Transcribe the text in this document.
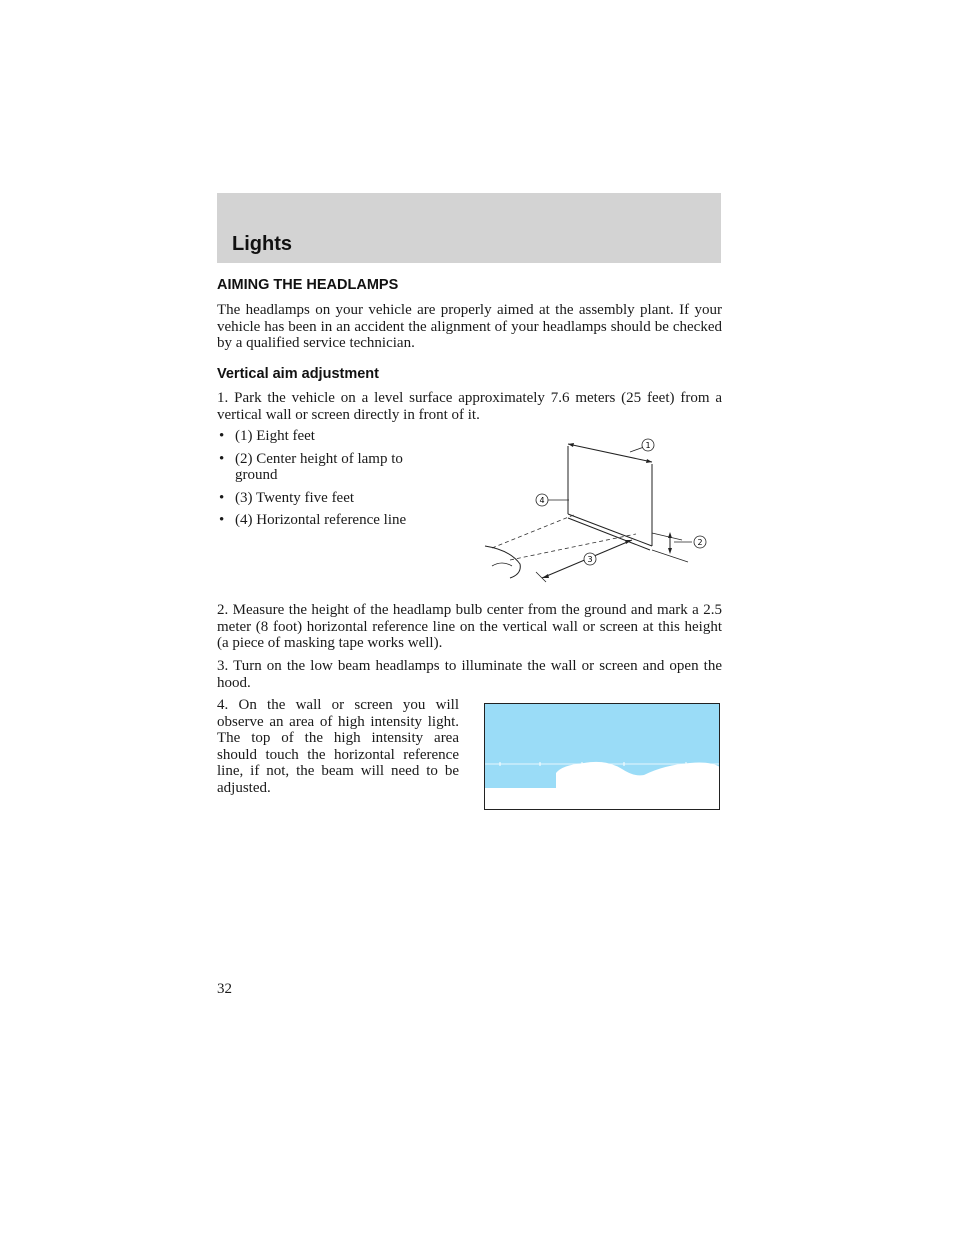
Lights
AIMING THE HEADLAMPS
The headlamps on your vehicle are properly aimed at the assembly plant. If your vehicle has been in an accident the alignment of your headlamps should be checked by a qualified service technician.
Vertical aim adjustment
1. Park the vehicle on a level surface approximately 7.6 meters (25 feet) from a vertical wall or screen directly in front of it.
• (1) Eight feet
• (2) Center height of lamp to ground
• (3) Twenty five feet
• (4) Horizontal reference line
1
2
3
4
2. Measure the height of the headlamp bulb center from the ground and mark a 2.5 meter (8 foot) horizontal reference line on the vertical wall or screen at this height (a piece of masking tape works well).
3. Turn on the low beam headlamps to illuminate the wall or screen and open the hood.
4. On the wall or screen you will observe an area of high intensity light. The top of the high intensity area should touch the horizontal reference line, if not, the beam will need to be adjusted.
32
